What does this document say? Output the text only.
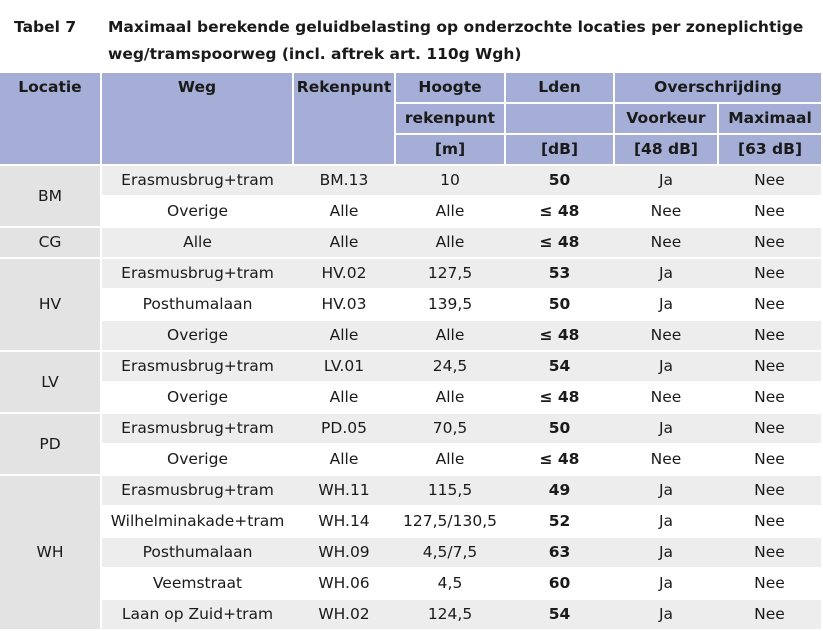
Tabel 7 Maximaal berekende geluidbelasting op onderzochte locaties per zoneplichtige weg/tramspoorweg (incl. aftrek art. 110g Wgh)
Locatie	Weg	Rekenpunt	Hoogte	Lden	Overschrijding	
			rekenpunt		Voorkeur	Maximaal
			[m]	[dB]	[48 dB]	[63 dB]
BM	Erasmusbrug+tram	BM.13	10	50	Ja	Nee
	Overige	Alle	Alle	≤ 48	Nee	Nee
CG	Alle	Alle	Alle	≤ 48	Nee	Nee
HV	Erasmusbrug+tram	HV.02	127,5	53	Ja	Nee
	Posthumalaan	HV.03	139,5	50	Ja	Nee
	Overige	Alle	Alle	≤ 48	Nee	Nee
LV	Erasmusbrug+tram	LV.01	24,5	54	Ja	Nee
	Overige	Alle	Alle	≤ 48	Nee	Nee
PD	Erasmusbrug+tram	PD.05	70,5	50	Ja	Nee
	Overige	Alle	Alle	≤ 48	Nee	Nee
WH	Erasmusbrug+tram	WH.11	115,5	49	Ja	Nee
	Wilhelminakade+tram	WH.14	127,5/130,5	52	Ja	Nee
	Posthumalaan	WH.09	4,5/7,5	63	Ja	Nee
	Veemstraat	WH.06	4,5	60	Ja	Nee
	Laan op Zuid+tram	WH.02	124,5	54	Ja	Nee
